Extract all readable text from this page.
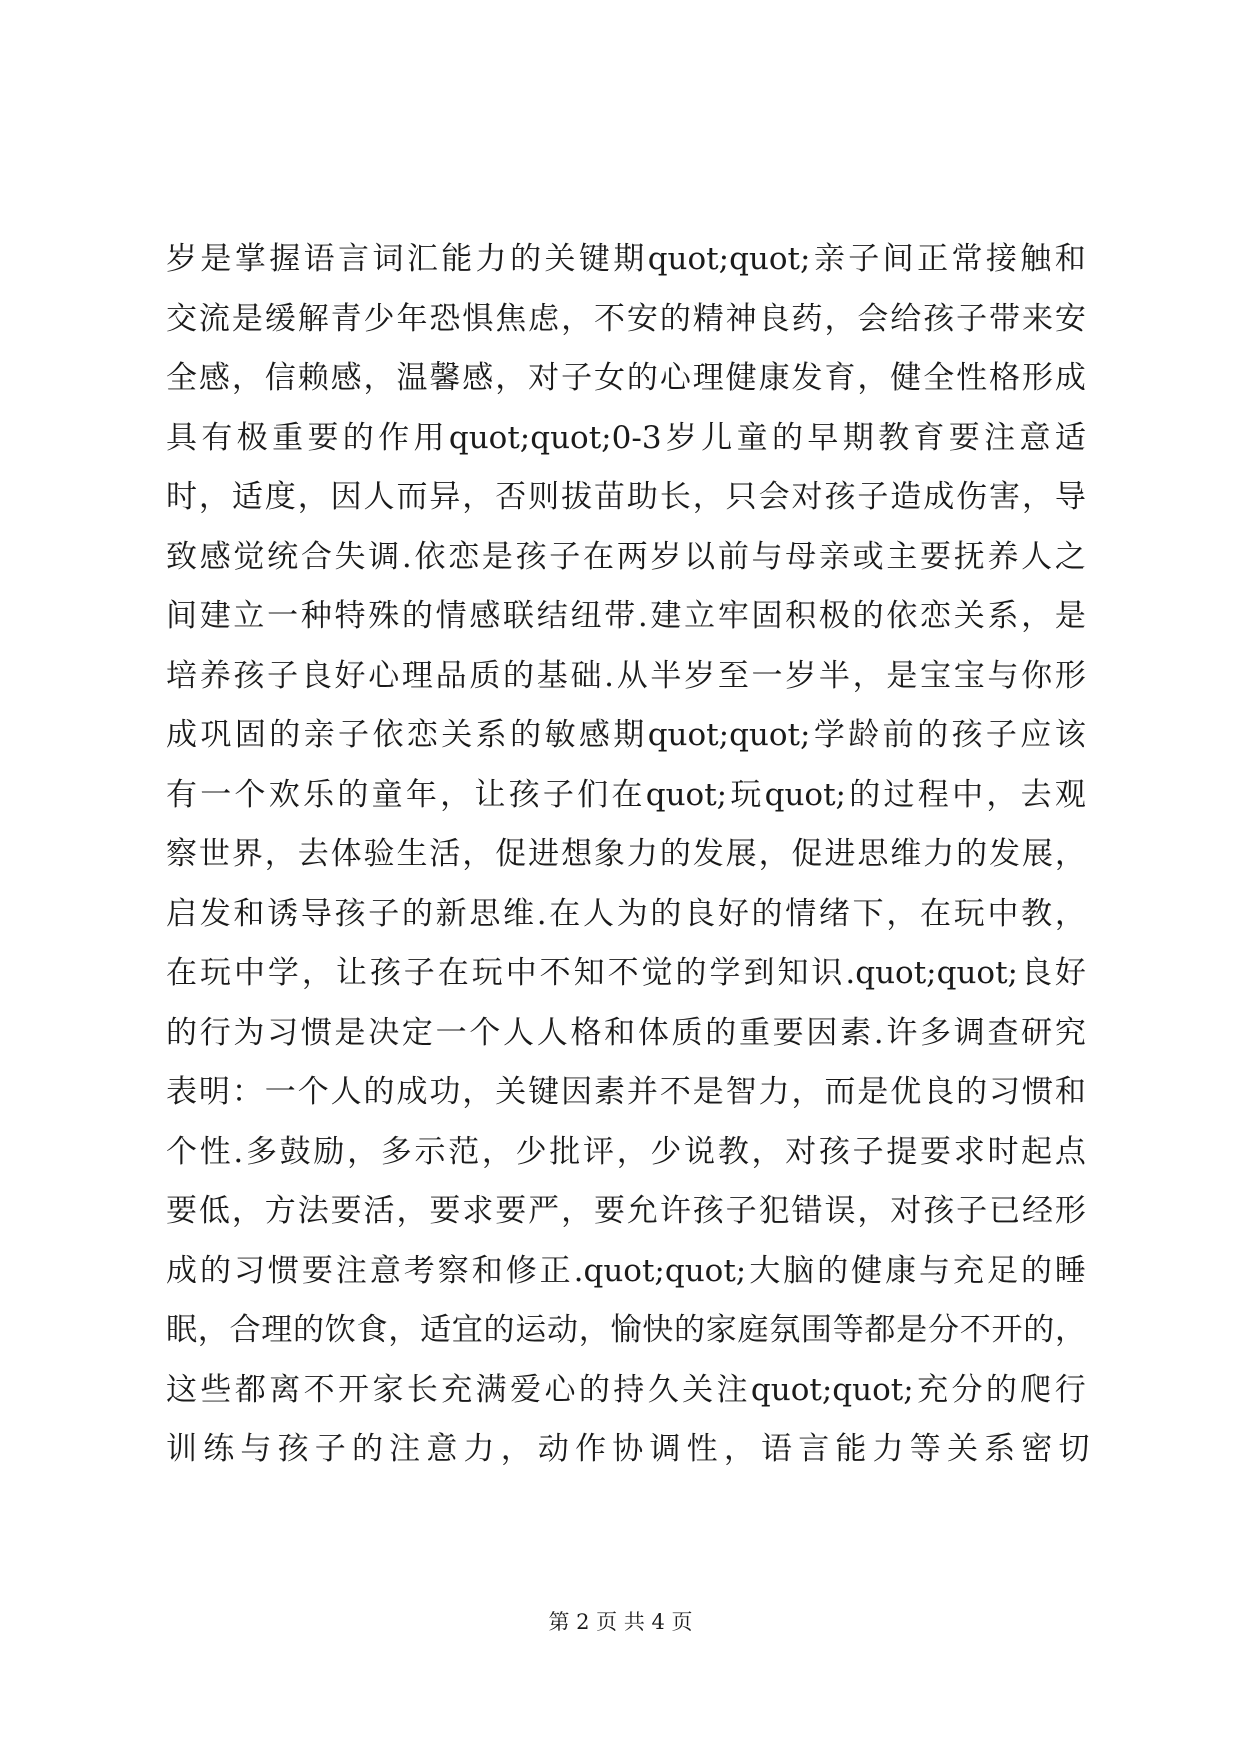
岁 是 掌 握 语 言 词 汇 能 力 的 关 键 期 quot;quot; 亲 子 间 正 常 接 触 和
交 流 是 缓 解 青 少 年 恐 惧 焦 虑 ， 不 安 的 精 神 良 药 ， 会 给 孩 子 带 来 安
全 感 ， 信 赖 感 ， 温 馨 感 ， 对 子 女 的 心 理 健 康 发 育 ， 健 全 性 格 形 成
具 有 极 重 要 的 作 用 quot;quot;0-3 岁 儿 童 的 早 期 教 育 要 注 意 适
时 ， 适 度 ， 因 人 而 异 ， 否 则 拔 苗 助 长 ， 只 会 对 孩 子 造 成 伤 害 ， 导
致 感 觉 统 合 失 调 . 依 恋 是 孩 子 在 两 岁 以 前 与 母 亲 或 主 要 抚 养 人 之
间 建 立 一 种 特 殊 的 情 感 联 结 纽 带 . 建 立 牢 固 积 极 的 依 恋 关 系 ， 是
培 养 孩 子 良 好 心 理 品 质 的 基 础 . 从 半 岁 至 一 岁 半 ， 是 宝 宝 与 你 形
成 巩 固 的 亲 子 依 恋 关 系 的 敏 感 期 quot;quot; 学 龄 前 的 孩 子 应 该
有 一 个 欢 乐 的 童 年 ， 让 孩 子 们 在 quot; 玩 quot; 的 过 程 中 ， 去 观
察 世 界 ， 去 体 验 生 活 ， 促 进 想 象 力 的 发 展 ， 促 进 思 维 力 的 发 展 ，
启 发 和 诱 导 孩 子 的 新 思 维 . 在 人 为 的 良 好 的 情 绪 下 ， 在 玩 中 教 ，
在 玩 中 学 ， 让 孩 子 在 玩 中 不 知 不 觉 的 学 到 知 识 .quot;quot; 良 好
的 行 为 习 惯 是 决 定 一 个 人 人 格 和 体 质 的 重 要 因 素 . 许 多 调 查 研 究
表 明 ： 一 个 人 的 成 功 ， 关 键 因 素 并 不 是 智 力 ， 而 是 优 良 的 习 惯 和
个 性 . 多 鼓 励 ， 多 示 范 ， 少 批 评 ， 少 说 教 ， 对 孩 子 提 要 求 时 起 点
要 低 ， 方 法 要 活 ， 要 求 要 严 ， 要 允 许 孩 子 犯 错 误 ， 对 孩 子 已 经 形
成 的 习 惯 要 注 意 考 察 和 修 正 .quot;quot; 大 脑 的 健 康 与 充 足 的 睡
眠 ， 合 理 的 饮 食 ， 适 宜 的 运 动 ， 愉 快 的 家 庭 氛 围 等 都 是 分 不 开 的 ，
这 些 都 离 不 开 家 长 充 满 爱 心 的 持 久 关 注 quot;quot; 充 分 的 爬 行
训 练 与 孩 子 的 注 意 力 ， 动 作 协 调 性 ， 语 言 能 力 等 关 系 密 切
第 2 页 共 4 页
